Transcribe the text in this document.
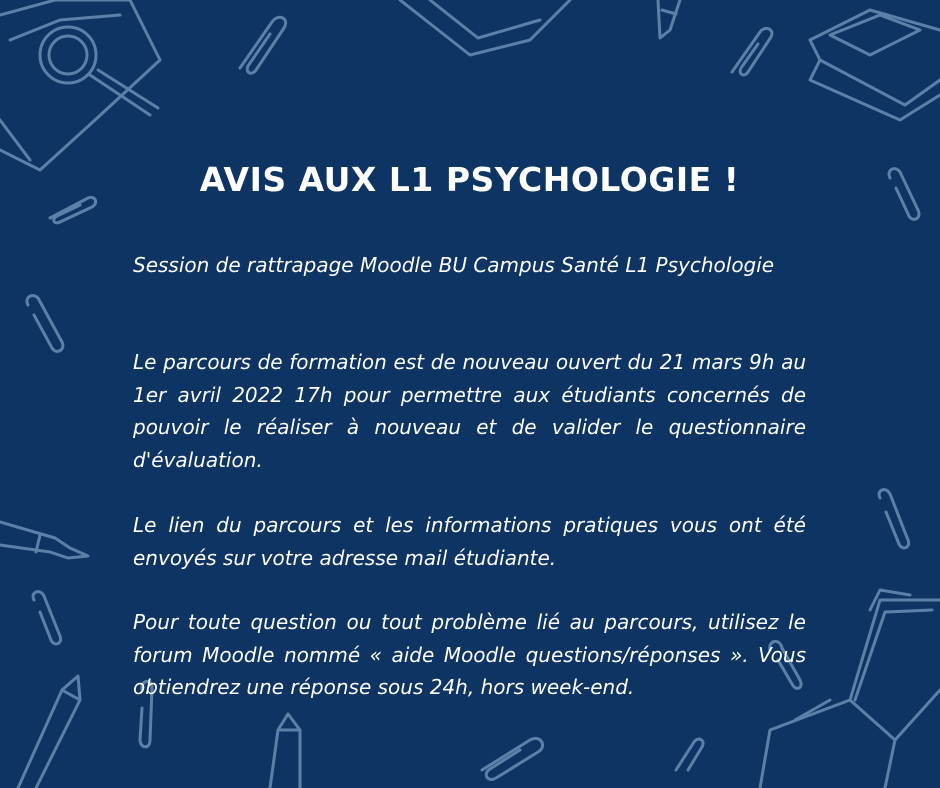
AVIS AUX L1 PSYCHOLOGIE !

Session de rattrapage Moodle BU Campus Santé L1 Psychologie

Le parcours de formation est de nouveau ouvert du 21 mars 9h au 1er avril 2022 17h pour permettre aux étudiants concernés de pouvoir le réaliser à nouveau et de valider le questionnaire d'évaluation.

Le lien du parcours et les informations pratiques vous ont été envoyés sur votre adresse mail étudiante.

Pour toute question ou tout problème lié au parcours, utilisez le forum Moodle nommé « aide Moodle questions/réponses ». Vous obtiendrez une réponse sous 24h, hors week-end.
